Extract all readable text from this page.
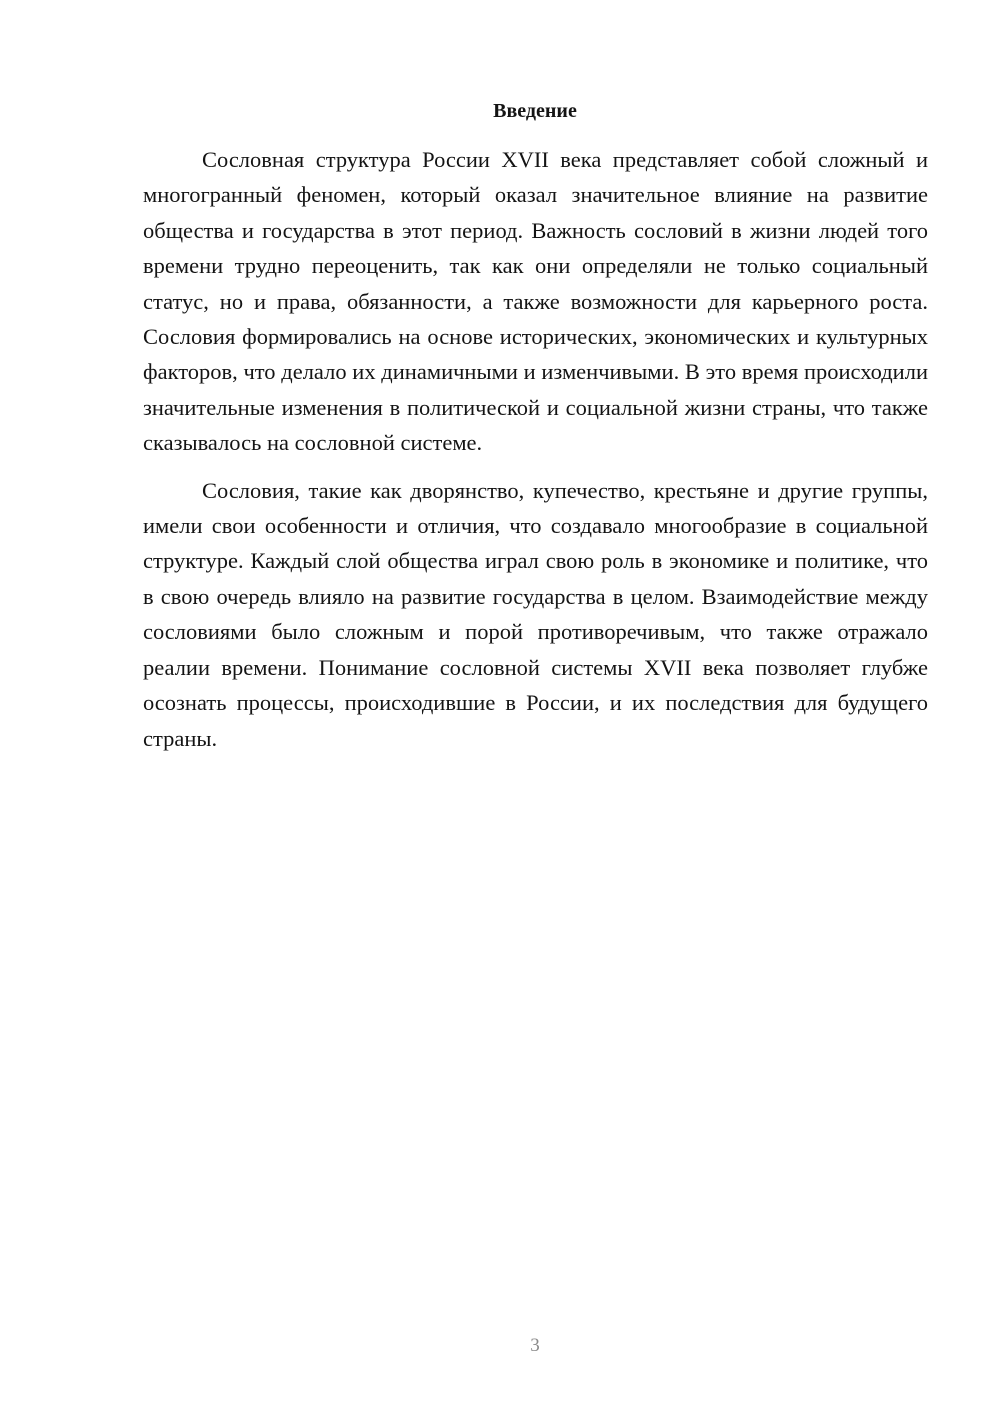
Введение

Сословная структура России XVII века представляет собой сложный и многогранный феномен, который оказал значительное влияние на развитие общества и государства в этот период. Важность сословий в жизни людей того времени трудно переоценить, так как они определяли не только социальный статус, но и права, обязанности, а также возможности для карьерного роста. Сословия формировались на основе исторических, экономических и культурных факторов, что делало их динамичными и изменчивыми. В это время происходили значительные изменения в политической и социальной жизни страны, что также сказывалось на сословной системе.

Сословия, такие как дворянство, купечество, крестьяне и другие группы, имели свои особенности и отличия, что создавало многообразие в социальной структуре. Каждый слой общества играл свою роль в экономике и политике, что в свою очередь влияло на развитие государства в целом. Взаимодействие между сословиями было сложным и порой противоречивым, что также отражало реалии времени. Понимание сословной системы XVII века позволяет глубже осознать процессы, происходившие в России, и их последствия для будущего страны.

3
